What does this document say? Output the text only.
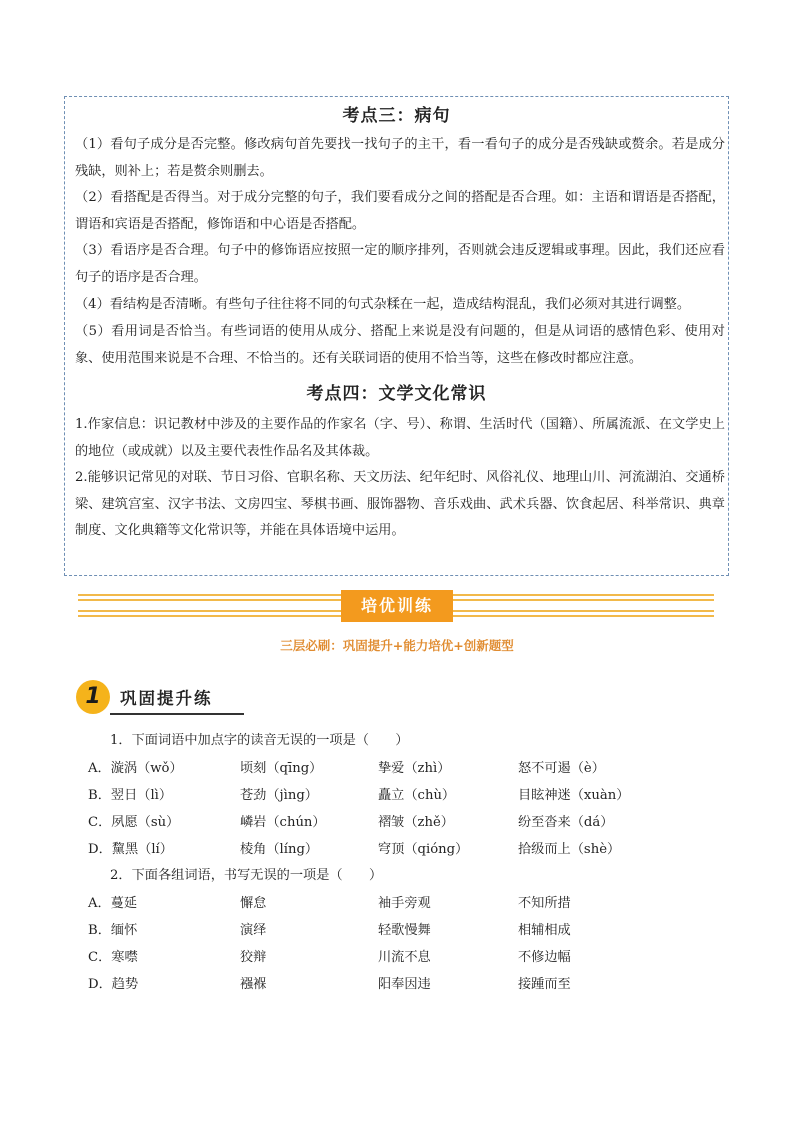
考点三：病句
（1）看句子成分是否完整。修改病句首先要找一找句子的主干，看一看句子的成分是否残缺或赘余。若是成分残缺，则补上；若是赘余则删去。
（2）看搭配是否得当。对于成分完整的句子，我们要看成分之间的搭配是否合理。如：主语和谓语是否搭配，谓语和宾语是否搭配，修饰语和中心语是否搭配。
（3）看语序是否合理。句子中的修饰语应按照一定的顺序排列，否则就会违反逻辑或事理。因此，我们还应看句子的语序是否合理。
（4）看结构是否清晰。有些句子往往将不同的句式杂糅在一起，造成结构混乱，我们必须对其进行调整。
（5）看用词是否恰当。有些词语的使用从成分、搭配上来说是没有问题的，但是从词语的感情色彩、使用对象、使用范围来说是不合理、不恰当的。还有关联词语的使用不恰当等，这些在修改时都应注意。
考点四：文学文化常识
1.作家信息：识记教材中涉及的主要作品的作家名（字、号）、称谓、生活时代（国籍）、所属流派、在文学史上的地位（或成就）以及主要代表性作品名及其体裁。
2.能够识记常见的对联、节日习俗、官职名称、天文历法、纪年纪时、风俗礼仪、地理山川、河流湖泊、交通桥梁、建筑宫室、汉字书法、文房四宝、琴棋书画、服饰器物、音乐戏曲、武术兵器、饮食起居、科举常识、典章制度、文化典籍等文化常识等，并能在具体语境中运用。
培优训练
三层必刷：巩固提升+能力培优+创新题型
1	巩固提升练
1．下面词语中加点字的读音无误的一项是（　　）
A．漩涡（wǒ）	顷刻（qīng）	挚爱（zhì）	怒不可遏（è）
B．翌日（lì）	苍劲（jìng）	矗立（chù）	目眩神迷（xuàn）
C．夙愿（sù）	嶙岩（chún）	褶皱（zhě）	纷至沓来（dá）
D．黧黑（lí）	棱角（líng）	穹顶（qióng）	拾级而上（shè）
2．下面各组词语，书写无误的一项是（　　）
A．蔓延	懈怠	袖手旁观	不知所措
B．缅怀	演绎	轻歌慢舞	相辅相成
C．寒噤	狡辩	川流不息	不修边幅
D．趋势	襁褓	阳奉因违	接踵而至
